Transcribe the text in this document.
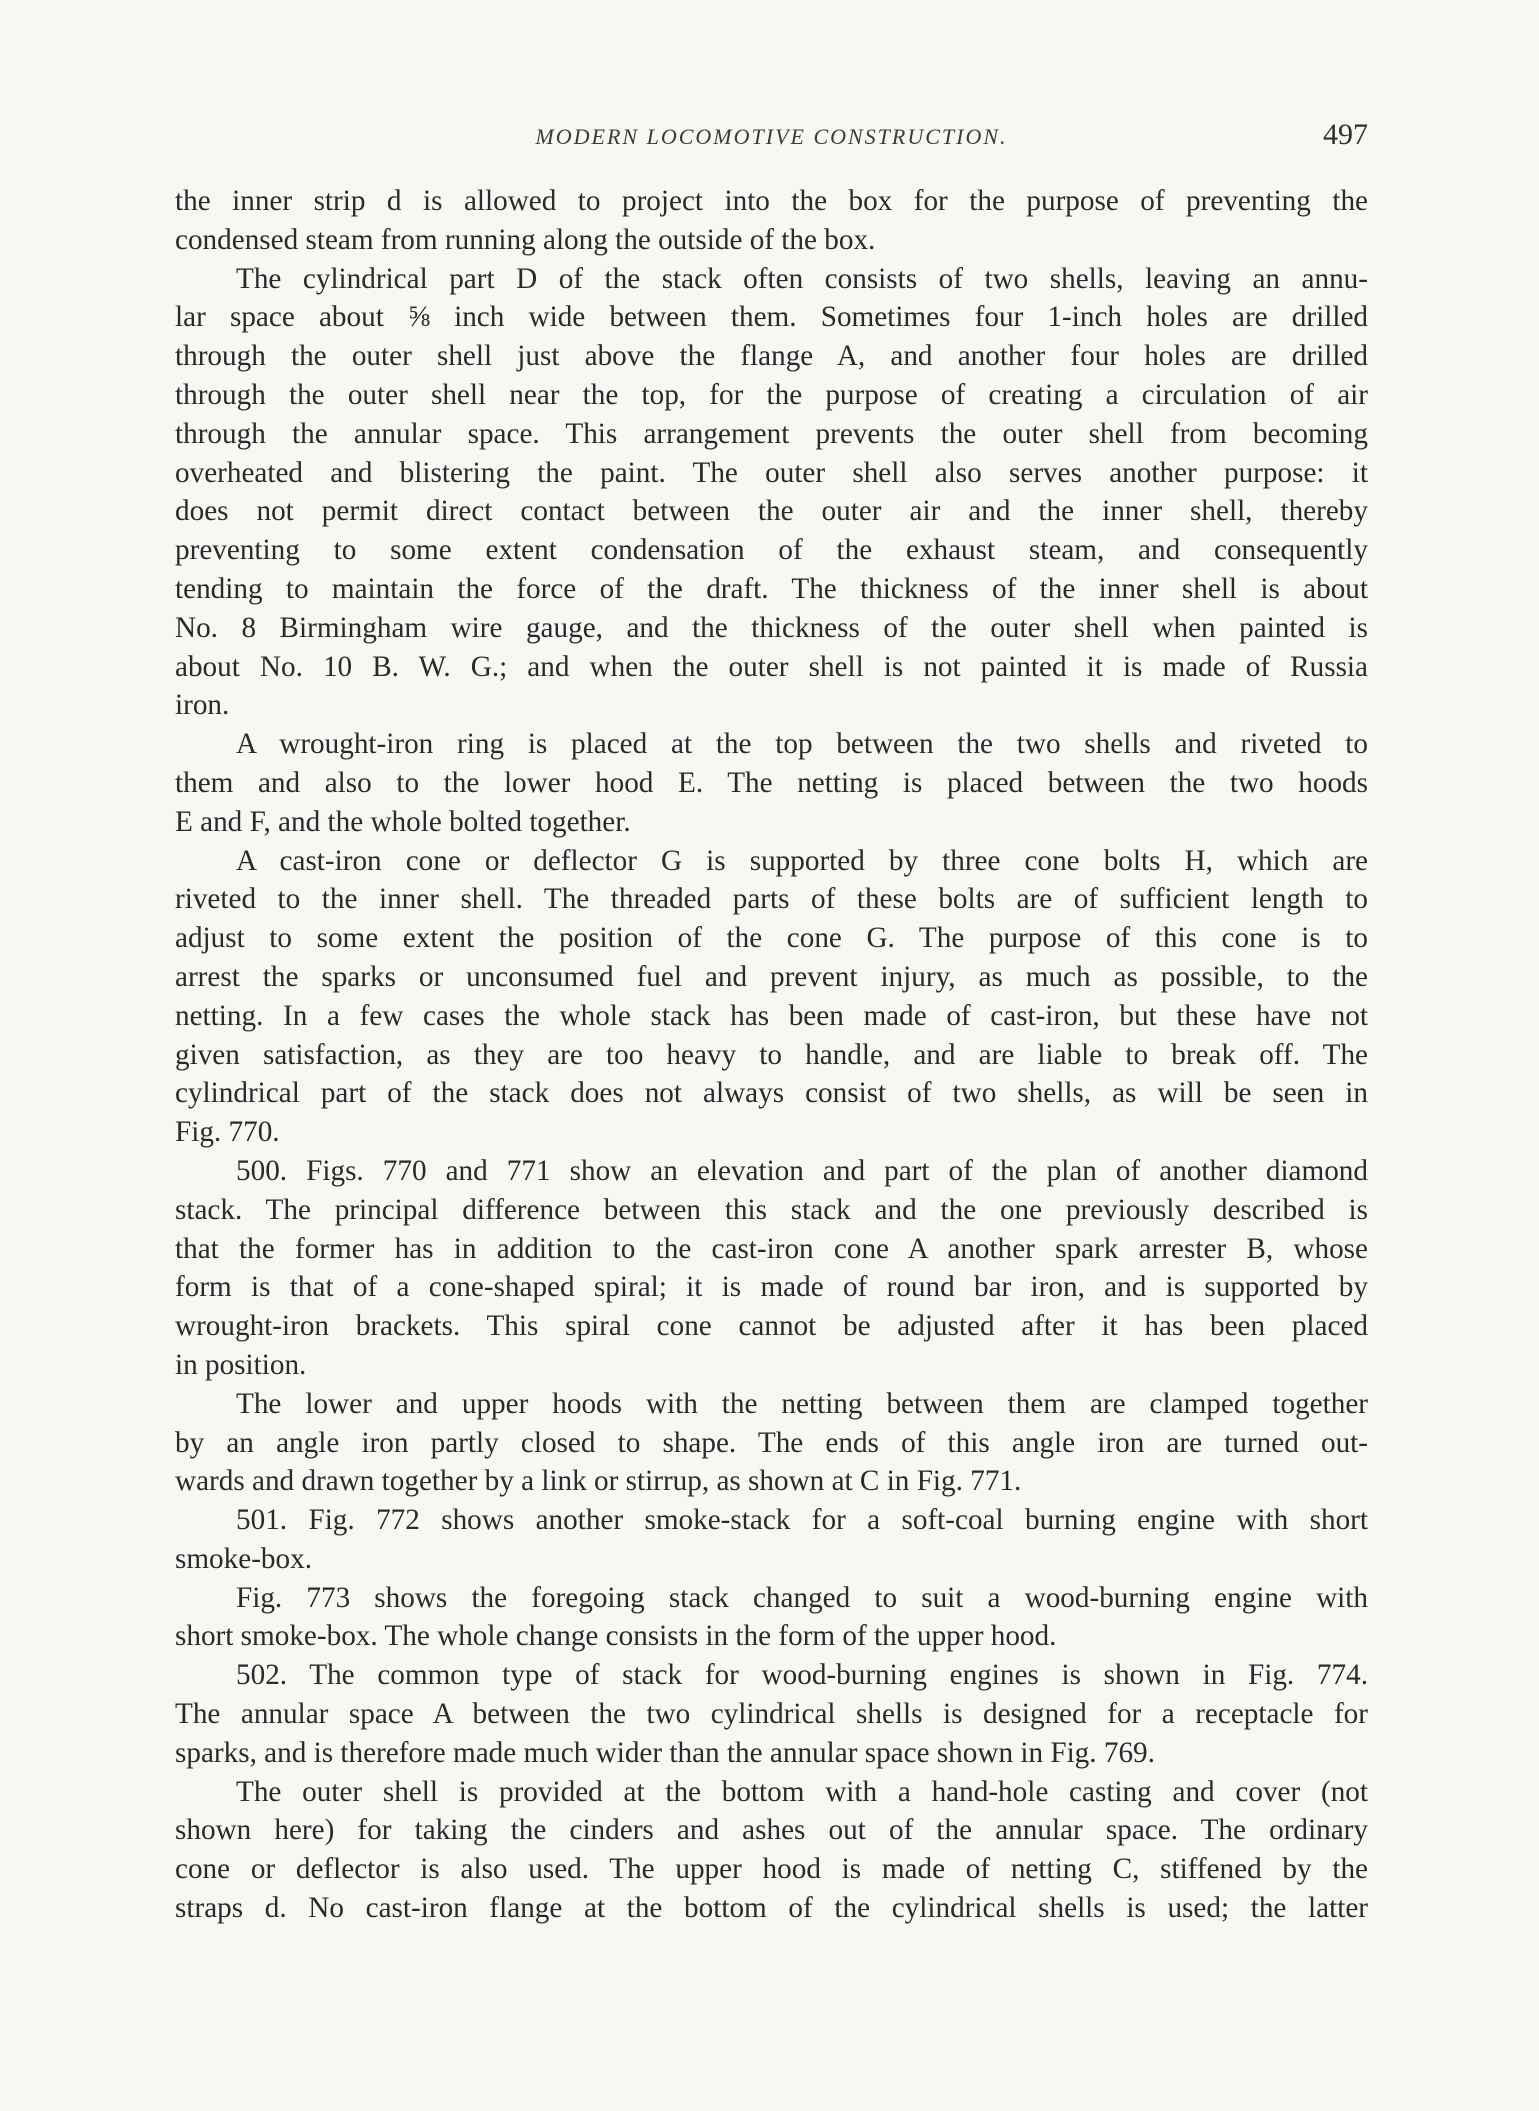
MODERN LOCOMOTIVE CONSTRUCTION.	497
the inner strip d is allowed to project into the box for the purpose of preventing the
condensed steam from running along the outside of the box.
The cylindrical part D of the stack often consists of two shells, leaving an annu-
lar space about ⅝ inch wide between them. Sometimes four 1-inch holes are drilled
through the outer shell just above the flange A, and another four holes are drilled
through the outer shell near the top, for the purpose of creating a circulation of air
through the annular space. This arrangement prevents the outer shell from becoming
overheated and blistering the paint. The outer shell also serves another purpose: it
does not permit direct contact between the outer air and the inner shell, thereby
preventing to some extent condensation of the exhaust steam, and consequently
tending to maintain the force of the draft. The thickness of the inner shell is about
No. 8 Birmingham wire gauge, and the thickness of the outer shell when painted is
about No. 10 B. W. G.; and when the outer shell is not painted it is made of Russia
iron.
A wrought-iron ring is placed at the top between the two shells and riveted to
them and also to the lower hood E. The netting is placed between the two hoods
E and F, and the whole bolted together.
A cast-iron cone or deflector G is supported by three cone bolts H, which are
riveted to the inner shell. The threaded parts of these bolts are of sufficient length to
adjust to some extent the position of the cone G. The purpose of this cone is to
arrest the sparks or unconsumed fuel and prevent injury, as much as possible, to the
netting. In a few cases the whole stack has been made of cast-iron, but these have not
given satisfaction, as they are too heavy to handle, and are liable to break off. The
cylindrical part of the stack does not always consist of two shells, as will be seen in
Fig. 770.
500. Figs. 770 and 771 show an elevation and part of the plan of another diamond
stack. The principal difference between this stack and the one previously described is
that the former has in addition to the cast-iron cone A another spark arrester B, whose
form is that of a cone-shaped spiral; it is made of round bar iron, and is supported by
wrought-iron brackets. This spiral cone cannot be adjusted after it has been placed
in position.
The lower and upper hoods with the netting between them are clamped together
by an angle iron partly closed to shape. The ends of this angle iron are turned out-
wards and drawn together by a link or stirrup, as shown at C in Fig. 771.
501. Fig. 772 shows another smoke-stack for a soft-coal burning engine with short
smoke-box.
Fig. 773 shows the foregoing stack changed to suit a wood-burning engine with
short smoke-box. The whole change consists in the form of the upper hood.
502. The common type of stack for wood-burning engines is shown in Fig. 774.
The annular space A between the two cylindrical shells is designed for a receptacle for
sparks, and is therefore made much wider than the annular space shown in Fig. 769.
The outer shell is provided at the bottom with a hand-hole casting and cover (not
shown here) for taking the cinders and ashes out of the annular space. The ordinary
cone or deflector is also used. The upper hood is made of netting C, stiffened by the
straps d. No cast-iron flange at the bottom of the cylindrical shells is used; the latter
